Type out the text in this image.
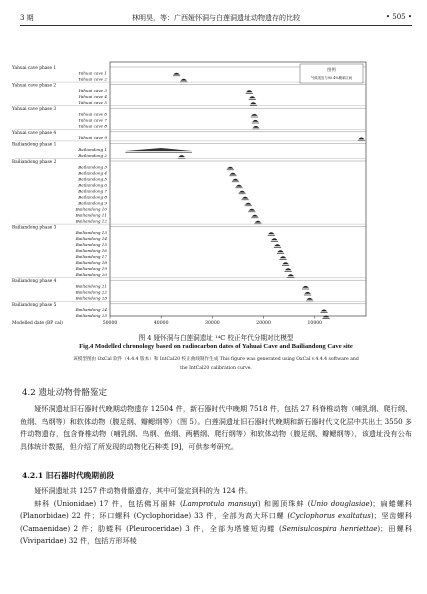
3 期	林明昊，等：广西娅怀洞与白莲洞遗址动物遗存的比较	• 505 •
Yahuai cave phase 1
Yahuai cave 1
Yahuai cave 2
Yahuai cave phase 2
Yahuai cave 3
Yahuai cave 4
Yahuai cave 5
Yahuai cave phase 3
Yahuai cave 6
Yahuai cave 7
Yahuai cave 8
Yahuai cave phase 4
Yahuai cave 9
Bailiandong phase 1
Bailiandong 1
Bailiandong 2
Bailiandong phase 2
Bailiandong 3
Bailiandong 4
Bailiandong 5
Bailiandong 6
Bailiandong 7
Bailiandong 8
Bailiandong 9
Bailiandong 10
Bailiandong 11
Bailiandong 12
Bailiandong phase 3
Bailiandong 13
Bailiandong 14
Bailiandong 15
Bailiandong 16
Bailiandong 17
Bailiandong 18
Bailiandong 19
Bailiandong 20
Bailiandong phase 4
Bailiandong 21
Bailiandong 22
Bailiandong 23
Bailiandong phase 5
Bailiandong 24
Bailiandong 25
50000	40000	30000	20000	10000
Modelled date (BP cal)
图例
气候适宜与95.4%概率区间
图 4 娅怀洞与白莲洞遗址 ¹⁴C 校正年代分期对比模型
Fig.4 Modelled chronology based on radiocarbon dates of Yahuai Cave and Bailiandong Cave site
该模型图由 OxCal 软件（4.4.4 版本）和 IntCal20 校正曲线制作生成 This figure was generated using OxCal v.4.4.4 software and
the IntCal20 calibration curve.
4.2 遗址动物骨骼鉴定

娅怀洞遗址旧石器时代晚期动物遗存 12504 件，新石器时代中晚期 7518 件，包括 27 科脊椎动物（哺乳纲、爬行纲、鱼纲、鸟纲等）和软体动物（腹足纲、瓣鳃纲等）（图 5）。白莲洞遗址旧石器时代晚期和新石器时代文化层中共出土 3550 多件动物遗存，包含脊椎动物（哺乳纲、鸟纲、鱼纲、两栖纲、爬行纲等）和软体动物（腹足纲、瓣鳃纲等），该遗址没有公布具体统计数据，但介绍了所发现的动物化石种类 [9]，可供参考研究。

4.2.1 旧石器时代晚期前段

娅怀洞遗址共 1257 件动物骨骼遗存，其中可鉴定到科的为 124 件。

蚌科 (Unionidae) 17 件，包括佛耳丽蚌 (Lamprotula mansuyi) 和圆顶珠蚌 (Unio douglasiae)；扁蜷螺科 (Planorbidae) 22 件；环口螺科 (Cyclophoridae) 33 件，全部为高大环口螺 (Cyclophorus exaltatus)；坚齿螺科 (Camaenidae) 2 件；肋蜷科 (Pleuroceridae) 3 件，全部为塔锥短沟蜷 (Semisulcospira henriettae)；田螺科 (Viviparidae) 32 件，包括方形环棱
